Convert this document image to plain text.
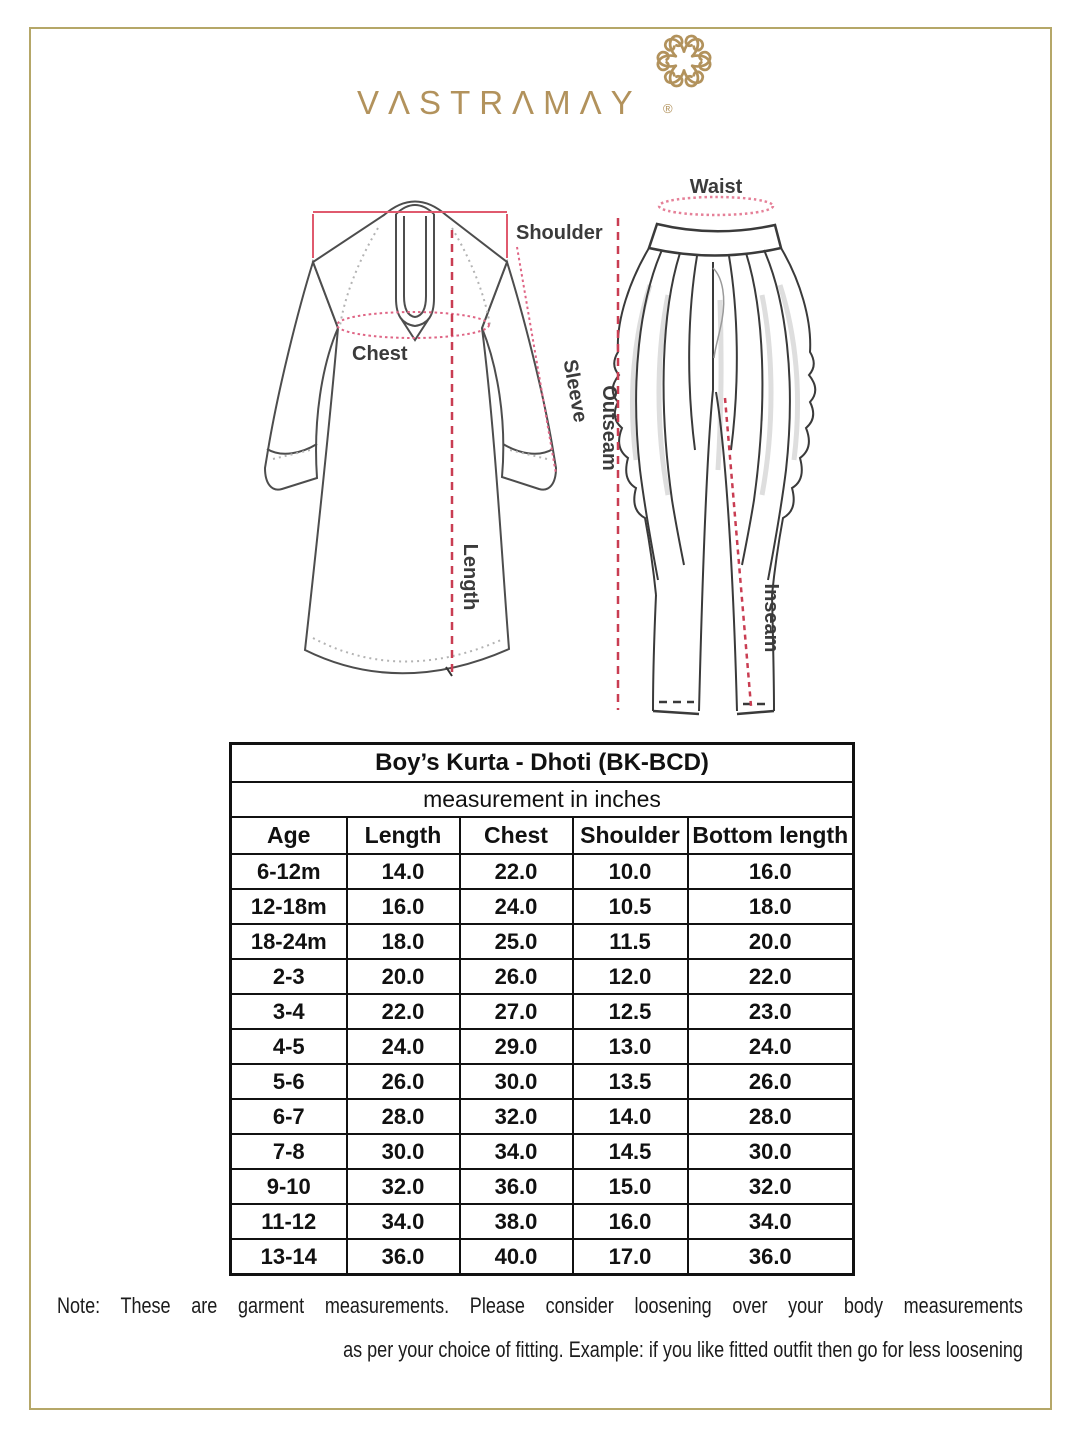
VΛSTRΛMΛY ®
Shoulder
Chest
Sleeve
Length
Waist
Outseam
Inseam
Boy’s Kurta - Dhoti (BK-BCD)				
measurement in inches				
Age	Length	Chest	Shoulder	Bottom length
6-12m	14.0	22.0	10.0	16.0
12-18m	16.0	24.0	10.5	18.0
18-24m	18.0	25.0	11.5	20.0
2-3	20.0	26.0	12.0	22.0
3-4	22.0	27.0	12.5	23.0
4-5	24.0	29.0	13.0	24.0
5-6	26.0	30.0	13.5	26.0
6-7	28.0	32.0	14.0	28.0
7-8	30.0	34.0	14.5	30.0
9-10	32.0	36.0	15.0	32.0
11-12	34.0	38.0	16.0	34.0
13-14	36.0	40.0	17.0	36.0
Note: These are garment measurements. Please consider loosening over your body measurements
as per your choice of fitting. Example: if you like fitted outfit then go for less loosening
